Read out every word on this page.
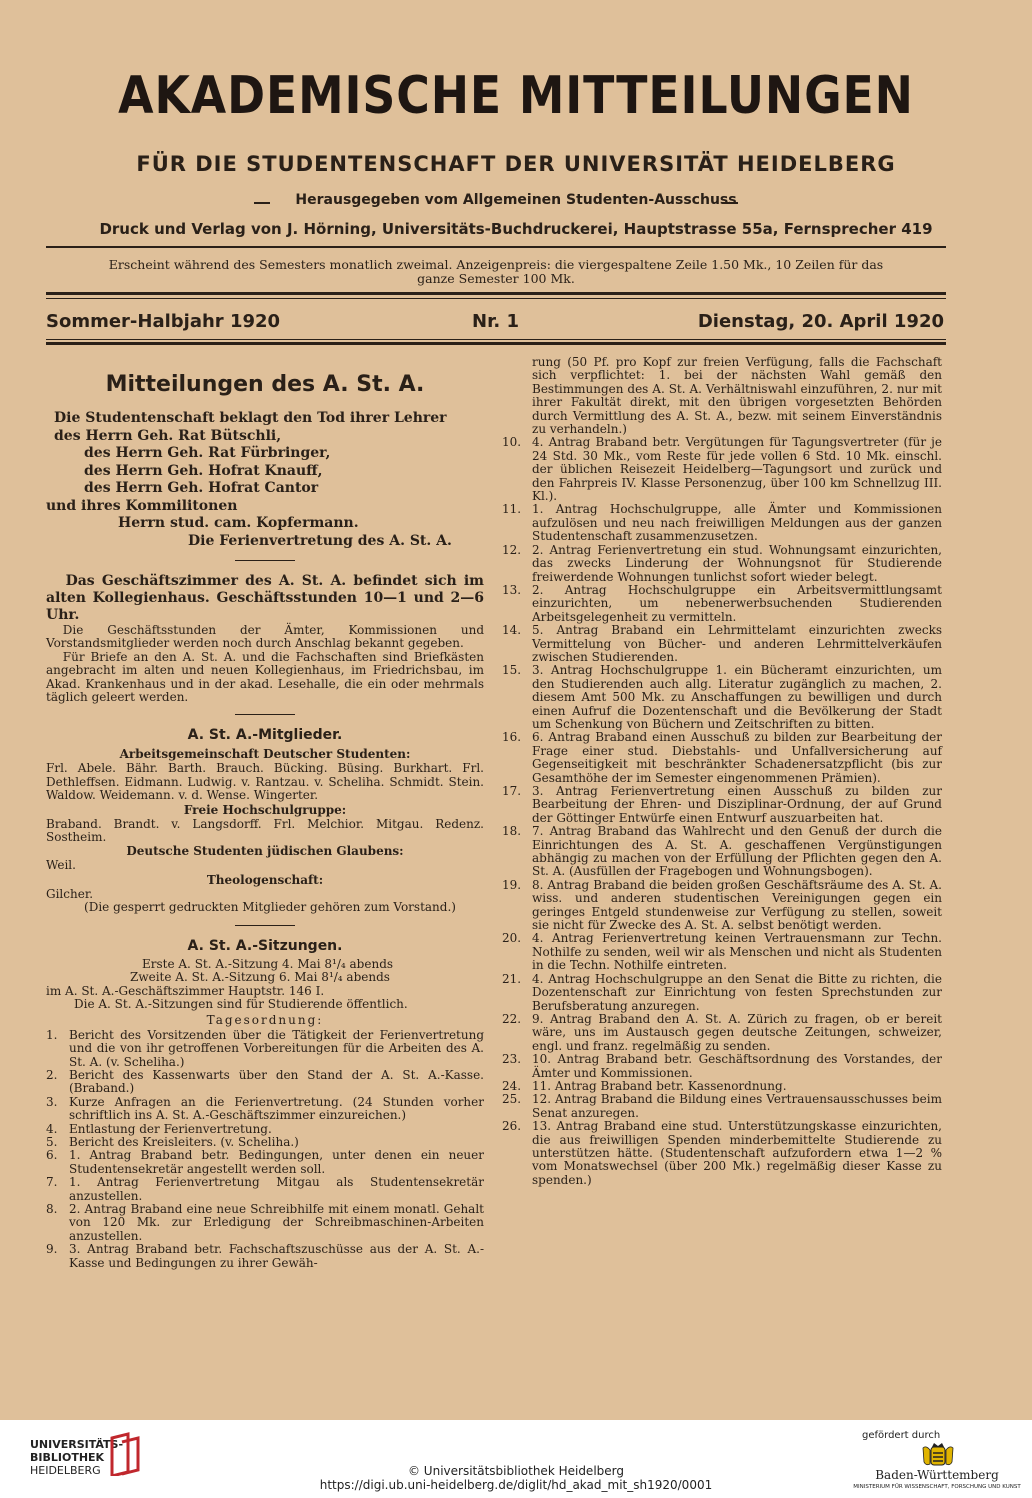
AKADEMISCHE MITTEILUNGEN
FÜR DIE STUDENTENSCHAFT DER UNIVERSITÄT HEIDELBERG
Herausgegeben vom Allgemeinen Studenten-Ausschuss
Druck und Verlag von J. Hörning, Universitäts-Buchdruckerei, Hauptstrasse 55a, Fernsprecher 419
Erscheint während des Semesters monatlich zweimal. Anzeigenpreis: die viergespaltene Zeile 1.50 Mk., 10 Zeilen für das
ganze Semester 100 Mk.
Sommer-Halbjahr 1920	Nr. 1	Dienstag, 20. April 1920
Mitteilungen des A. St. A.
Die Studentenschaft beklagt den Tod ihrer Lehrer
des Herrn Geh. Rat Bütschli,
des Herrn Geh. Rat Fürbringer,
des Herrn Geh. Hofrat Knauff,
des Herrn Geh. Hofrat Cantor
und ihres Kommilitonen
Herrn stud. cam. Kopfermann.
Die Ferienvertretung des A. St. A.

Das Geschäftszimmer des A. St. A. befindet sich im alten Kollegienhaus. Geschäftsstunden 10—1 und 2—6 Uhr.

Die Geschäftsstunden der Ämter, Kommissionen und Vorstandsmitglieder werden noch durch Anschlag bekannt gegeben.

Für Briefe an den A. St. A. und die Fachschaften sind Briefkästen angebracht im alten und neuen Kollegienhaus, im Friedrichsbau, im Akad. Krankenhaus und in der akad. Lesehalle, die ein oder mehrmals täglich geleert werden.

A. St. A.-Mitglieder.
Arbeitsgemeinschaft Deutscher Studenten:

Frl. Abele. Bähr. Barth. Brauch. Bücking. Büsing. Burkhart. Frl. Dethleffsen. Eidmann. Ludwig. v. Rantzau. v. Scheliha. Schmidt. Stein. Waldow. Weidemann. v. d. Wense. Wingerter.

Freie Hochschulgruppe:

Braband. Brandt. v. Langsdorff. Frl. Melchior. Mitgau. Redenz. Sostheim.

Deutsche Studenten jüdischen Glaubens:

Weil.

Theologenschaft:

Gilcher.

(Die gesperrt gedruckten Mitglieder gehören zum Vorstand.)
A. St. A.-Sitzungen.
Erste A. St. A.-Sitzung 4. Mai 8¹/₄ abends
Zweite A. St. A.-Sitzung 6. Mai 8¹/₄ abends
im A. St. A.-Geschäftszimmer Hauptstr. 146 I.
Die A. St. A.-Sitzungen sind für Studierende öffentlich.
Tagesordnung:
1. Bericht des Vorsitzenden über die Tätigkeit der Ferienvertretung und die von ihr getroffenen Vorbereitungen für die Arbeiten des A. St. A. (v. Scheliha.)
2. Bericht des Kassenwarts über den Stand der A. St. A.-Kasse. (Braband.)
3. Kurze Anfragen an die Ferienvertretung. (24 Stunden vorher schriftlich ins A. St. A.-Geschäftszimmer einzureichen.)
4. Entlastung der Ferienvertretung.
5. Bericht des Kreisleiters. (v. Scheliha.)
6. 1. Antrag Braband betr. Bedingungen, unter denen ein neuer Studentensekretär angestellt werden soll.
7. 1. Antrag Ferienvertretung Mitgau als Studentensekretär anzustellen.
8. 2. Antrag Braband eine neue Schreibhilfe mit einem monatl. Gehalt von 120 Mk. zur Erledigung der Schreibmaschinen-Arbeiten anzustellen.
9. 3. Antrag Braband betr. Fachschaftszuschüsse aus der A. St. A.-Kasse und Bedingungen zu ihrer Gewäh-
rung (50 Pf. pro Kopf zur freien Verfügung, falls die Fachschaft sich verpflichtet: 1. bei der nächsten Wahl gemäß den Bestimmungen des A. St. A. Verhältniswahl einzuführen, 2. nur mit ihrer Fakultät direkt, mit den übrigen vorgesetzten Behörden durch Vermittlung des A. St. A., bezw. mit seinem Einverständnis zu verhandeln.)
10. 4. Antrag Braband betr. Vergütungen für Tagungsvertreter (für je 24 Std. 30 Mk., vom Reste für jede vollen 6 Std. 10 Mk. einschl. der üblichen Reisezeit Heidelberg—Tagungsort und zurück und den Fahrpreis IV. Klasse Personenzug, über 100 km Schnellzug III. Kl.).
11. 1. Antrag Hochschulgruppe, alle Ämter und Kommissionen aufzulösen und neu nach freiwilligen Meldungen aus der ganzen Studentenschaft zusammenzusetzen.
12. 2. Antrag Ferienvertretung ein stud. Wohnungsamt einzurichten, das zwecks Linderung der Wohnungsnot für Studierende freiwerdende Wohnungen tunlichst sofort wieder belegt.
13. 2. Antrag Hochschulgruppe ein Arbeitsvermittlungsamt einzurichten, um nebenerwerbsuchenden Studierenden Arbeitsgelegenheit zu vermitteln.
14. 5. Antrag Braband ein Lehrmittelamt einzurichten zwecks Vermittelung von Bücher- und anderen Lehrmittelverkäufen zwischen Studierenden.
15. 3. Antrag Hochschulgruppe 1. ein Bücheramt einzurichten, um den Studierenden auch allg. Literatur zugänglich zu machen, 2. diesem Amt 500 Mk. zu Anschaffungen zu bewilligen und durch einen Aufruf die Dozentenschaft und die Bevölkerung der Stadt um Schenkung von Büchern und Zeitschriften zu bitten.
16. 6. Antrag Braband einen Ausschuß zu bilden zur Bearbeitung der Frage einer stud. Diebstahls- und Unfallversicherung auf Gegenseitigkeit mit beschränkter Schadenersatzpflicht (bis zur Gesamthöhe der im Semester eingenommenen Prämien).
17. 3. Antrag Ferienvertretung einen Ausschuß zu bilden zur Bearbeitung der Ehren- und Disziplinar-Ordnung, der auf Grund der Göttinger Entwürfe einen Entwurf auszuarbeiten hat.
18. 7. Antrag Braband das Wahlrecht und den Genuß der durch die Einrichtungen des A. St. A. geschaffenen Vergünstigungen abhängig zu machen von der Erfüllung der Pflichten gegen den A. St. A. (Ausfüllen der Fragebogen und Wohnungsbogen).
19. 8. Antrag Braband die beiden großen Geschäftsräume des A. St. A. wiss. und anderen studentischen Vereinigungen gegen ein geringes Entgeld stundenweise zur Verfügung zu stellen, soweit sie nicht für Zwecke des A. St. A. selbst benötigt werden.
20. 4. Antrag Ferienvertretung keinen Vertrauensmann zur Techn. Nothilfe zu senden, weil wir als Menschen und nicht als Studenten in die Techn. Nothilfe eintreten.
21. 4. Antrag Hochschulgruppe an den Senat die Bitte zu richten, die Dozentenschaft zur Einrichtung von festen Sprechstunden zur Berufsberatung anzuregen.
22. 9. Antrag Braband den A. St. A. Zürich zu fragen, ob er bereit wäre, uns im Austausch gegen deutsche Zeitungen, schweizer, engl. und franz. regelmäßig zu senden.
23. 10. Antrag Braband betr. Geschäftsordnung des Vorstandes, der Ämter und Kommissionen.
24. 11. Antrag Braband betr. Kassenordnung.
25. 12. Antrag Braband die Bildung eines Vertrauensausschusses beim Senat anzuregen.
26. 13. Antrag Braband eine stud. Unterstützungskasse einzurichten, die aus freiwilligen Spenden minderbemittelte Studierende zu unterstützen hätte. (Studentenschaft aufzufordern etwa 1—2 % vom Monatswechsel (über 200 Mk.) regelmäßig dieser Kasse zu spenden.)
UNIVERSITÄTS-
BIBLIOTHEK
HEIDELBERG	© Universitätsbibliothek Heidelberg
https://digi.ub.uni-heidelberg.de/diglit/hd_akad_mit_sh1920/0001
gefördert durch
Baden-Württemberg
MINISTERIUM FÜR WISSENSCHAFT, FORSCHUNG UND KUNST
